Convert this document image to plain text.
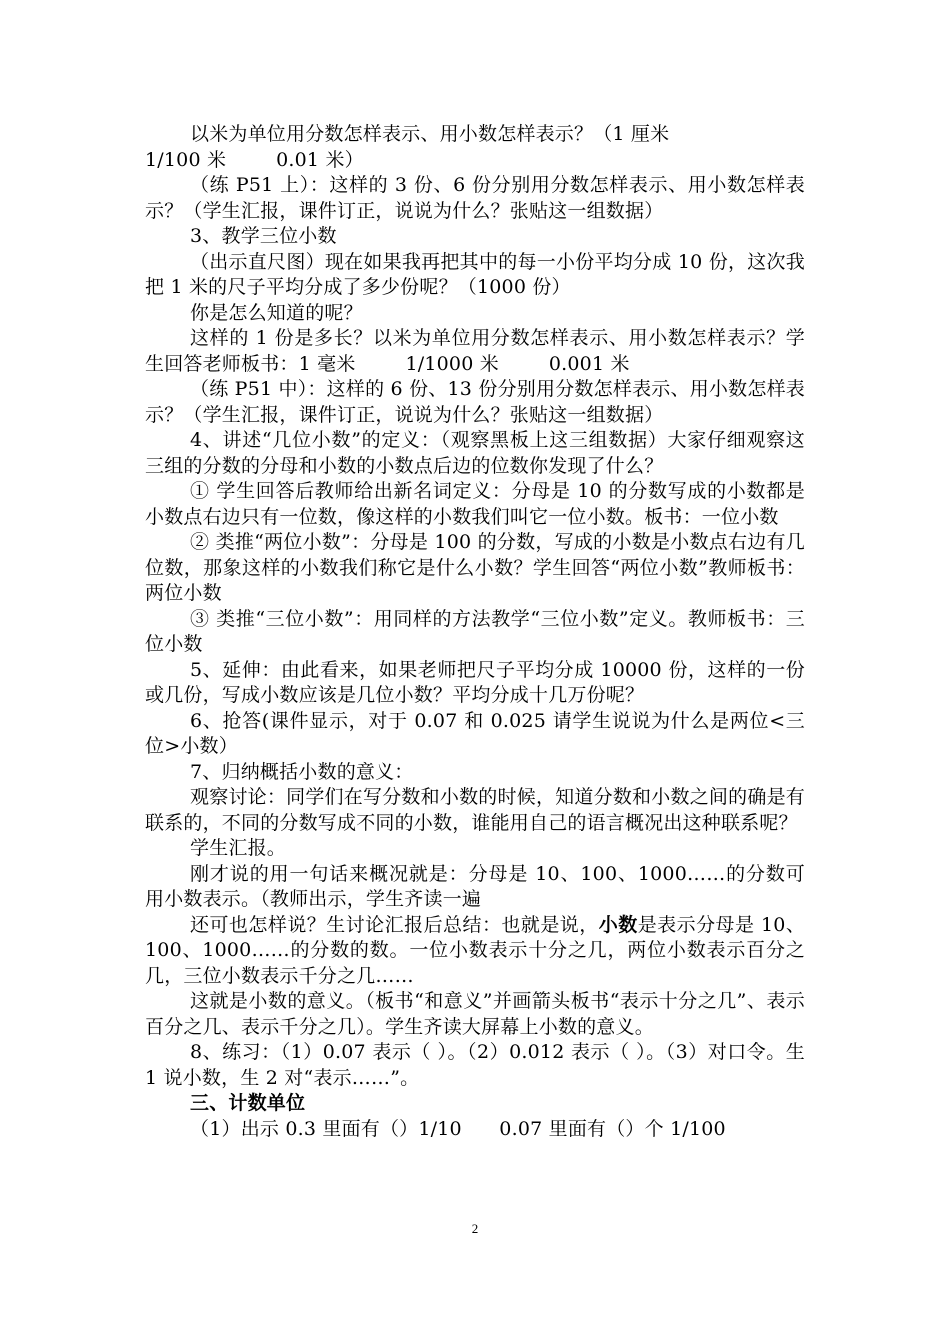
以米为单位用分数怎样表示、用小数怎样表示？（1 厘米

1/100 米        0.01 米）

（练 P51 上）：这样的 3 份、6 份分别用分数怎样表示、用小数怎样表示？（学生汇报，课件订正，说说为什么？张贴这一组数据）

3、教学三位小数

（出示直尺图）现在如果我再把其中的每一小份平均分成 10 份，这次我把 1 米的尺子平均分成了多少份呢？（1000 份）

你是怎么知道的呢？

这样的 1 份是多长？以米为单位用分数怎样表示、用小数怎样表示？学生回答老师板书：1 毫米        1/1000 米        0.001 米

（练 P51 中）：这样的 6 份、13 份分别用分数怎样表示、用小数怎样表示？（学生汇报，课件订正，说说为什么？张贴这一组数据）

4、讲述“几位小数”的定义：（观察黑板上这三组数据）大家仔细观察这三组的分数的分母和小数的小数点后边的位数你发现了什么？

① 学生回答后教师给出新名词定义：分母是 10 的分数写成的小数都是小数点右边只有一位数，像这样的小数我们叫它一位小数。板书：一位小数

② 类推“两位小数”：分母是 100 的分数，写成的小数是小数点右边有几位数，那象这样的小数我们称它是什么小数？学生回答“两位小数”教师板书：两位小数

③ 类推“三位小数”：用同样的方法教学“三位小数”定义。教师板书：三位小数

5、延伸：由此看来，如果老师把尺子平均分成 10000 份，这样的一份或几份，写成小数应该是几位小数？平均分成十几万份呢？

6、抢答(课件显示，对于 0.07 和 0.025 请学生说说为什么是两位<三位>小数）

7、归纳概括小数的意义：

观察讨论：同学们在写分数和小数的时候，知道分数和小数之间的确是有联系的，不同的分数写成不同的小数，谁能用自己的语言概况出这种联系呢？

学生汇报。

刚才说的用一句话来概况就是：分母是 10、100、1000……的分数可用小数表示。（教师出示，学生齐读一遍

还可也怎样说？生讨论汇报后总结：也就是说，小数是表示分母是 10、100、1000……的分数的数。一位小数表示十分之几，两位小数表示百分之几，三位小数表示千分之几……

这就是小数的意义。（板书“和意义”并画箭头板书“表示十分之几”、表示百分之几、表示千分之几）。学生齐读大屏幕上小数的意义。

8、练习：（1）0.07 表示（ ）。（2）0.012 表示（ ）。（3）对口令。生 1 说小数，生 2 对“表示……”。

三、计数单位

（1）出示 0.3 里面有（）1/10      0.07 里面有（）个 1/100

2
